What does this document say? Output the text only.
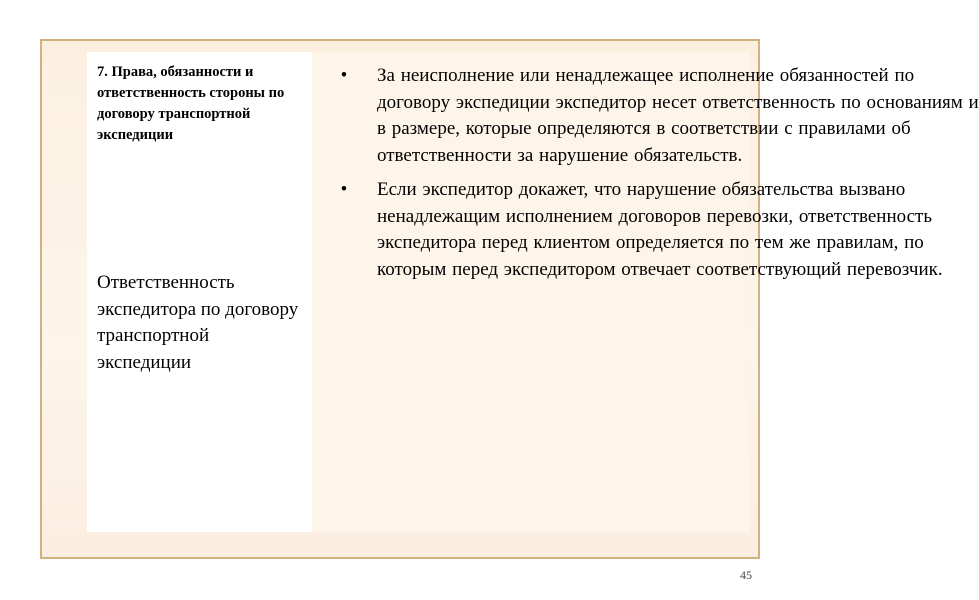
7. Права, обязанности и ответственность стороны по договору транспортной экспедиции

Ответственность экспедитора по договору транспортной экспедиции
•	За неисполнение или ненадлежащее исполнение обязанностей по договору экспедиции экспедитор несет ответственность по основаниям и в размере, которые определяются в соответствии с правилами об ответственности за нарушение обязательств.
•	Если экспедитор докажет, что нарушение обязательства вызвано ненадлежащим исполнением договоров перевозки, ответственность экспедитора перед клиентом определяется по тем же правилам, по которым перед экспедитором отвечает соответствующий перевозчик.
45
